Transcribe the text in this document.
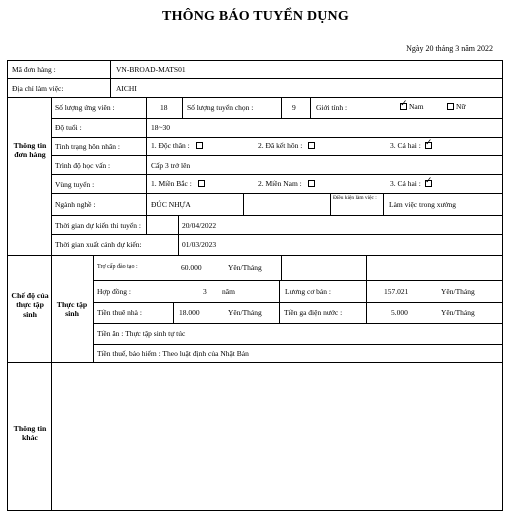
THÔNG BÁO TUYỂN DỤNG
Ngày 20 tháng 3 năm 2022
Mã đơn hàng :	VN-BROAD-MATS01
Địa chỉ làm việc:	AICHI
Thông tin đơn hàng
Số lượng ứng viên :	18	Số lượng tuyển chọn :	9	Giới tính :
✓	Nam	Nữ
Độ tuổi :	18~30
Tình trạng hôn nhân :	1. Độc thân :	2. Đã kết hôn :	3. Cả hai :✓
Trình độ học vấn :	Cấp 3 trở lên
Vùng tuyển :	1. Miền Bắc :	2. Miền Nam :	3. Cả hai :✓
Ngành nghề :	ĐÚC NHỰA
Điều kiện làm việc :
Làm việc trong xưởng
Thời gian dự kiến thi tuyển :	20/04/2022
Thời gian xuất cảnh dự kiến:	01/03/2023
Chế độ của thực tập sinh
Thực tập sinh
Trợ cấp đào tạo :	60.000	Yên/Tháng
Hợp đồng :	3 năm	Lương cơ bản :	157.021	Yên/Tháng
Tiền thuê nhà :	18.000	Yên/Tháng	Tiền ga điện nước :	5.000	Yên/Tháng
Tiền ăn : Thực tập sinh tự túc
Tiền thuế, bảo hiểm : Theo luật định của Nhật Bản
Thông tin khác
